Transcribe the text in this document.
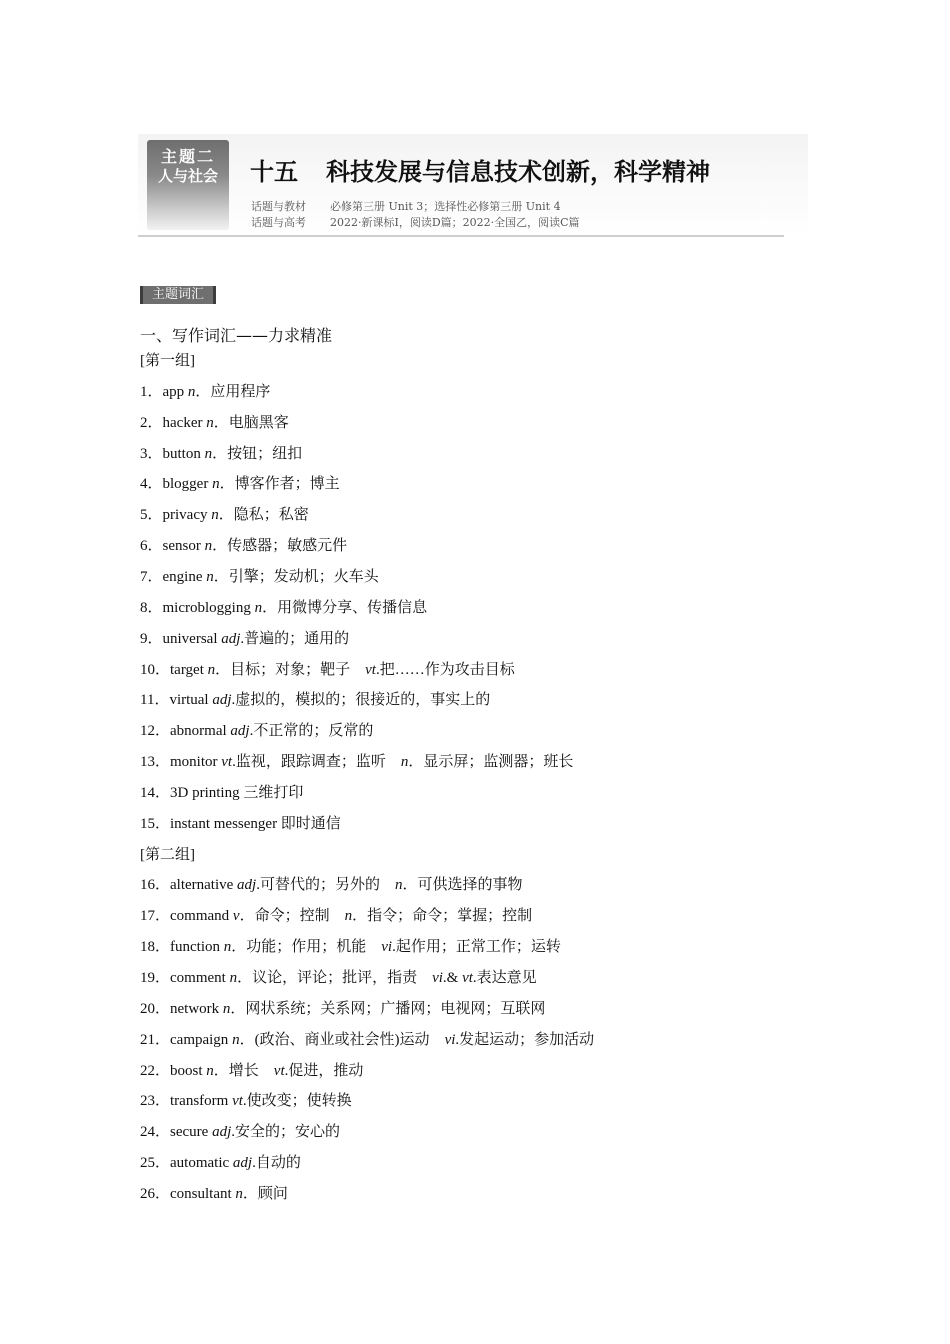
主题二
人与社会	十五 科技发展与信息技术创新，科学精神
话题与教材 必修第三册 Unit 3；选择性必修第三册 Unit 4
话题与高考 2022·新课标Ⅰ，阅读D篇；2022·全国乙，阅读C篇
主题词汇
一、写作词汇——力求精准
[第一组]
1．app n．应用程序
2．hacker n．电脑黑客
3．button n．按钮；纽扣
4．blogger n．博客作者；博主
5．privacy n．隐私；私密
6．sensor n．传感器；敏感元件
7．engine n．引擎；发动机；火车头
8．microblogging n．用微博分享、传播信息
9．universal adj.普遍的；通用的
10．target n．目标；对象；靶子　vt.把……作为攻击目标
11．virtual adj.虚拟的，模拟的；很接近的，事实上的
12．abnormal adj.不正常的；反常的
13．monitor vt.监视，跟踪调查；监听　n．显示屏；监测器；班长
14．3D printing 三维打印
15．instant messenger 即时通信
[第二组]
16．alternative adj.可替代的；另外的　n．可供选择的事物
17．command v．命令；控制　n．指令；命令；掌握；控制
18．function n．功能；作用；机能　vi.起作用；正常工作；运转
19．comment n．议论，评论；批评，指责　vi.& vt.表达意见
20．network n．网状系统；关系网；广播网；电视网；互联网
21．campaign n．(政治、商业或社会性)运动　vi.发起运动；参加活动
22．boost n．增长　vt.促进，推动
23．transform vt.使改变；使转换
24．secure adj.安全的；安心的
25．automatic adj.自动的
26．consultant n．顾问
